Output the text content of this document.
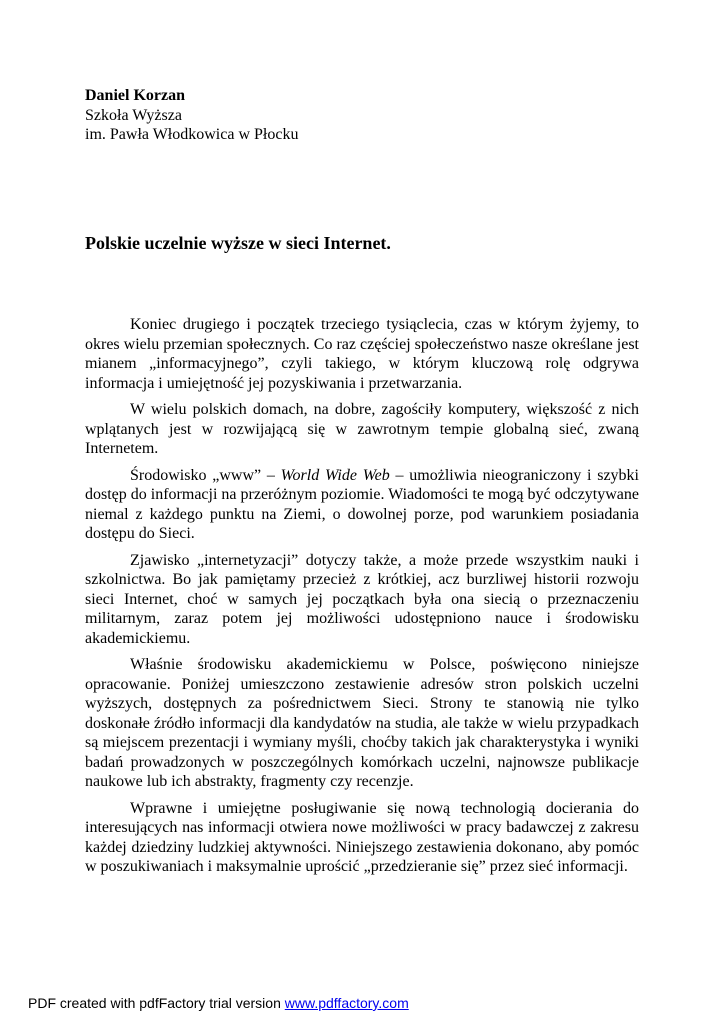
Daniel Korzan
Szkoła Wyższa
im. Pawła Włodkowica w Płocku
Polskie uczelnie wyższe w sieci Internet.

Koniec drugiego i początek trzeciego tysiąclecia, czas w którym żyjemy, to okres wielu przemian społecznych. Co raz częściej społeczeństwo nasze określane jest mianem „informacyjnego”, czyli takiego, w którym kluczową rolę odgrywa informacja i umiejętność jej pozyskiwania i przetwarzania.

W wielu polskich domach, na dobre, zagościły komputery, większość z nich wplątanych jest w rozwijającą się w zawrotnym tempie globalną sieć, zwaną Internetem.

Środowisko „www” – World Wide Web – umożliwia nieograniczony i szybki dostęp do informacji na przeróżnym poziomie. Wiadomości te mogą być odczytywane niemal z każdego punktu na Ziemi, o dowolnej porze, pod warunkiem posiadania dostępu do Sieci.

Zjawisko „internetyzacji” dotyczy także, a może przede wszystkim nauki i szkolnictwa. Bo jak pamiętamy przecież z krótkiej, acz burzliwej historii rozwoju sieci Internet, choć w samych jej początkach była ona siecią o przeznaczeniu militarnym, zaraz potem jej możliwości udostępniono nauce i środowisku akademickiemu.

Właśnie środowisku akademickiemu w Polsce, poświęcono niniejsze opracowanie. Poniżej umieszczono zestawienie adresów stron polskich uczelni wyższych, dostępnych za pośrednictwem Sieci. Strony te stanowią nie tylko doskonałe źródło informacji dla kandydatów na studia, ale także w wielu przypadkach są miejscem prezentacji i wymiany myśli, choćby takich jak charakterystyka i wyniki badań prowadzonych w poszczególnych komórkach uczelni, najnowsze publikacje naukowe lub ich abstrakty, fragmenty czy recenzje.

Wprawne i umiejętne posługiwanie się nową technologią docierania do interesujących nas informacji otwiera nowe możliwości w pracy badawczej z zakresu każdej dziedziny ludzkiej aktywności. Niniejszego zestawienia dokonano, aby pomóc w poszukiwaniach i maksymalnie uprościć „przedzieranie się” przez sieć informacji.

PDF created with pdfFactory trial version www.pdffactory.com
